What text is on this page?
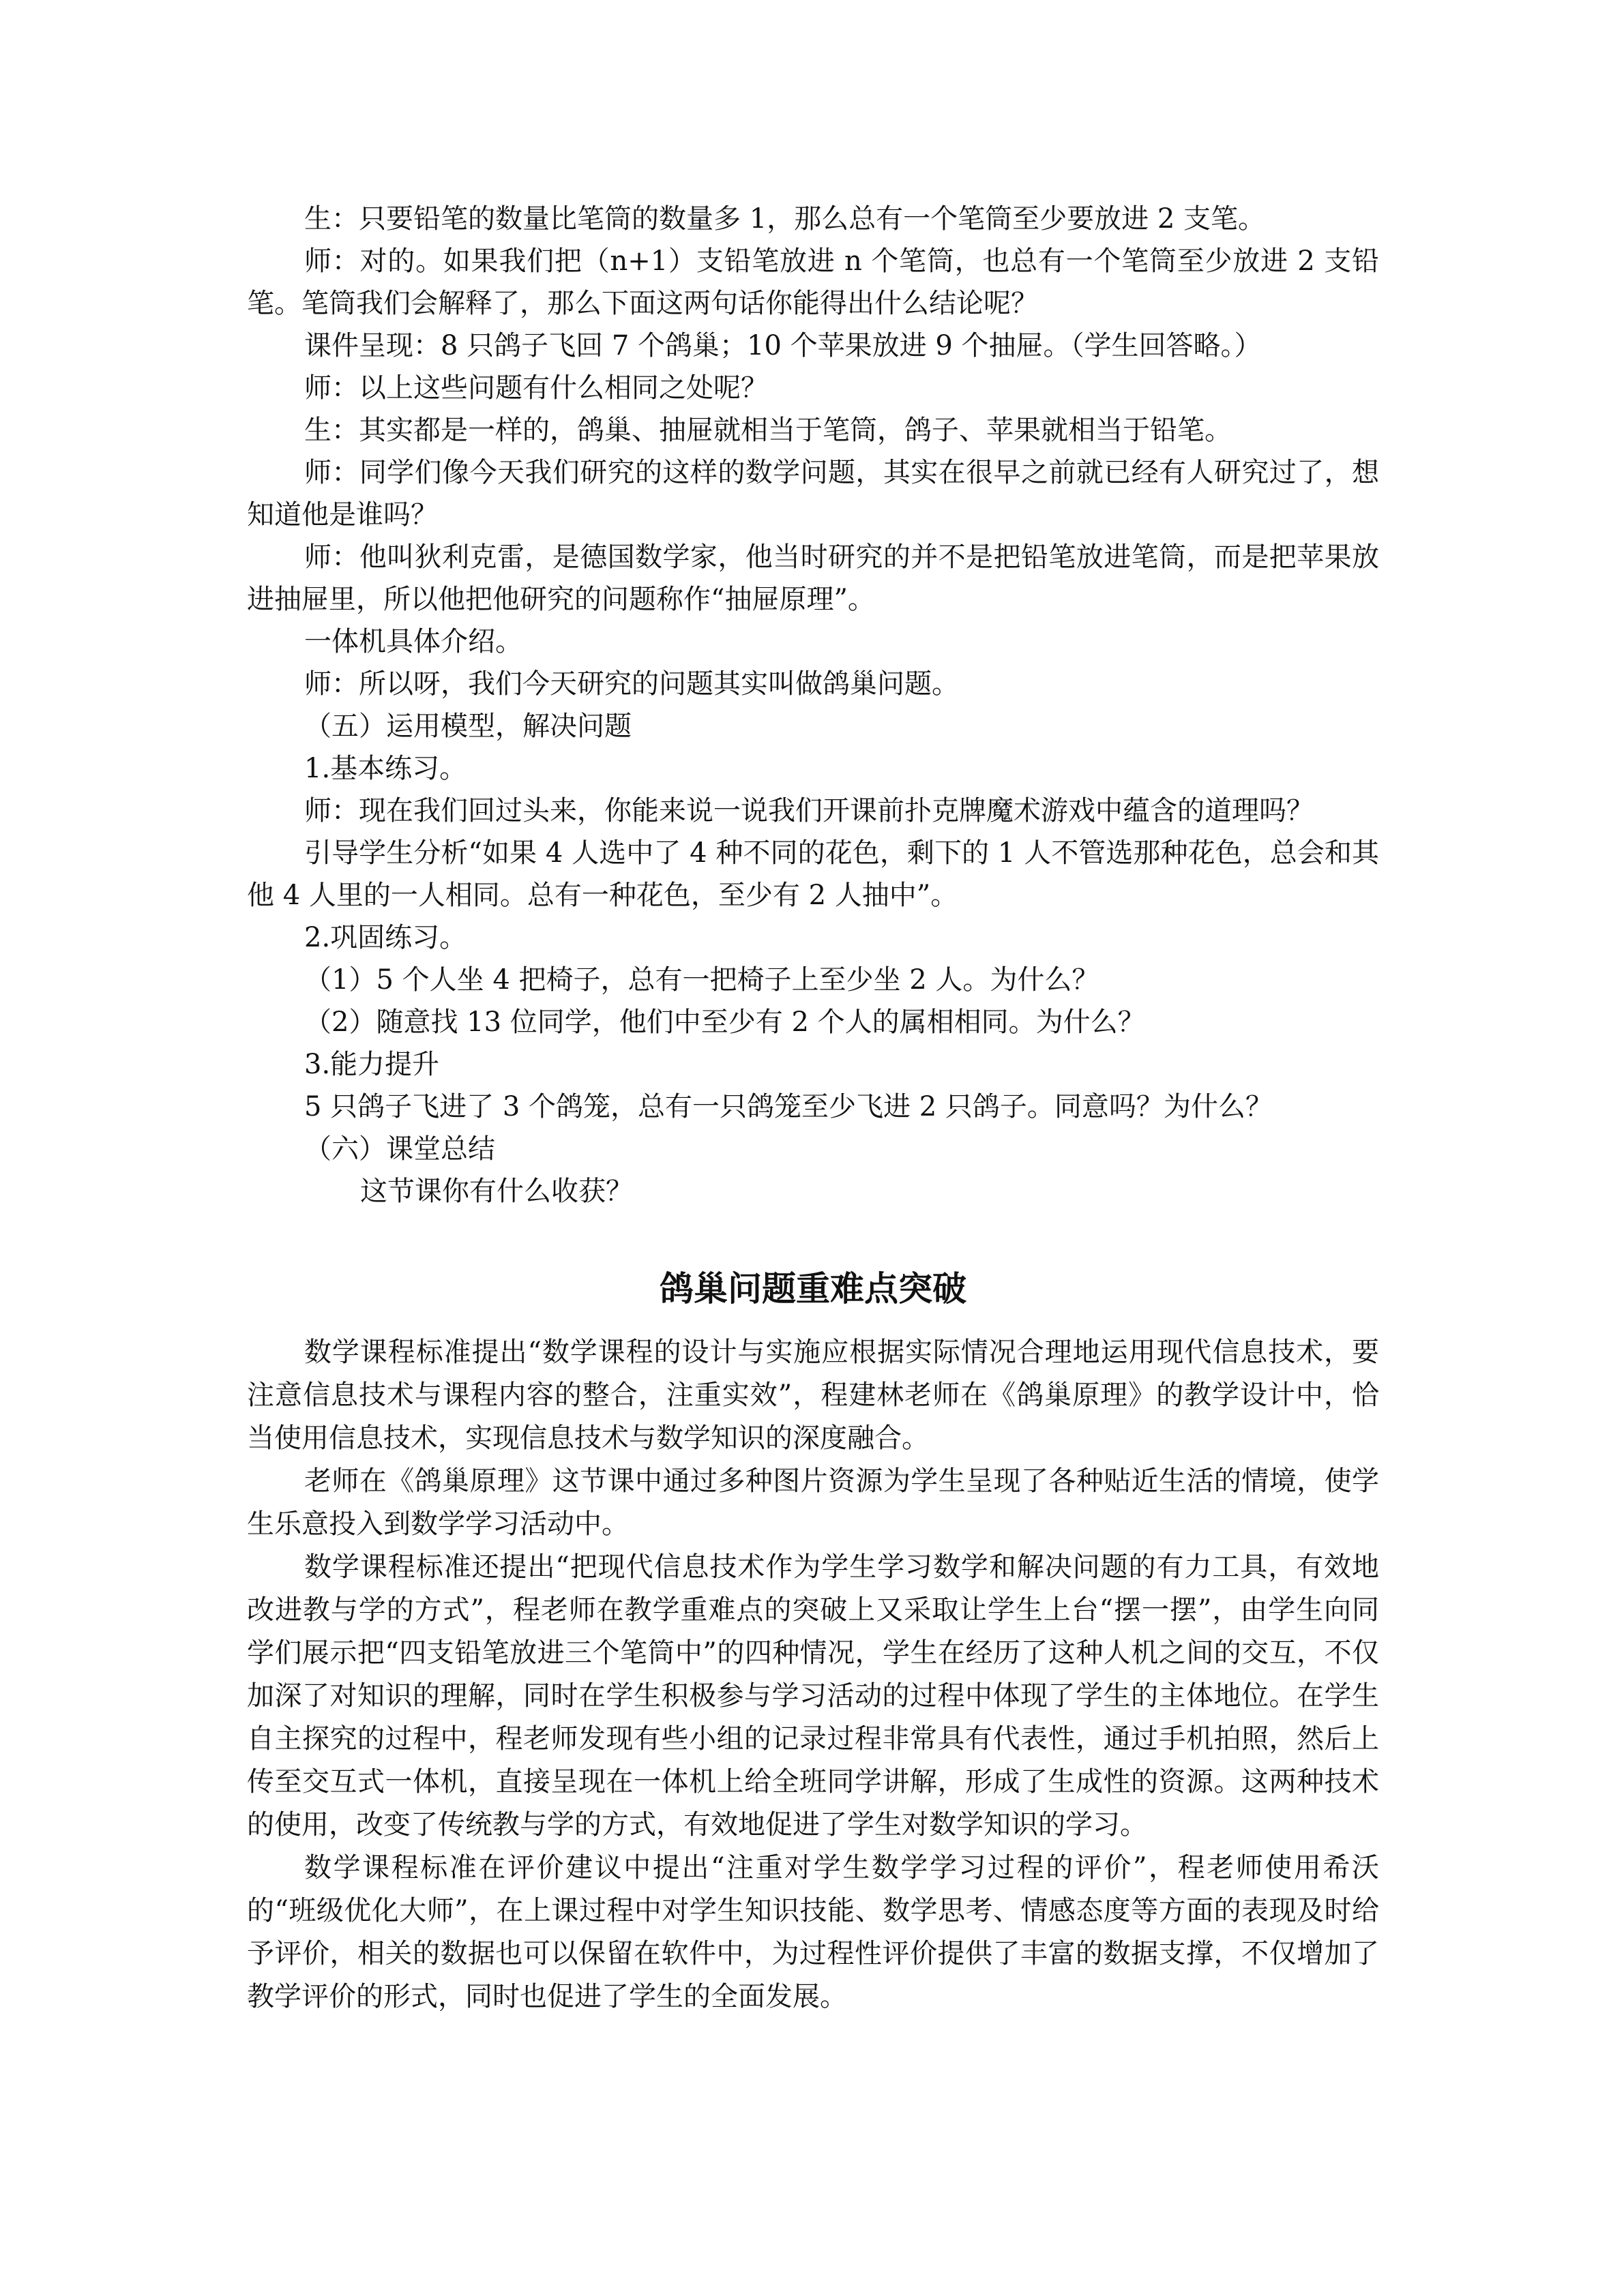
生：只要铅笔的数量比笔筒的数量多 1，那么总有一个笔筒至少要放进 2 支笔。

师：对的。如果我们把（n+1）支铅笔放进 n 个笔筒，也总有一个笔筒至少放进 2 支铅笔。笔筒我们会解释了，那么下面这两句话你能得出什么结论呢？

课件呈现：8 只鸽子飞回 7 个鸽巢；10 个苹果放进 9 个抽屉。（学生回答略。）

师：以上这些问题有什么相同之处呢？

生：其实都是一样的，鸽巢、抽屉就相当于笔筒，鸽子、苹果就相当于铅笔。

师：同学们像今天我们研究的这样的数学问题，其实在很早之前就已经有人研究过了，想知道他是谁吗？

师：他叫狄利克雷，是德国数学家，他当时研究的并不是把铅笔放进笔筒，而是把苹果放进抽屉里，所以他把他研究的问题称作“抽屉原理”。

一体机具体介绍。

师：所以呀，我们今天研究的问题其实叫做鸽巢问题。

（五）运用模型，解决问题

1.基本练习。

师：现在我们回过头来，你能来说一说我们开课前扑克牌魔术游戏中蕴含的道理吗？

引导学生分析“如果 4 人选中了 4 种不同的花色，剩下的 1 人不管选那种花色，总会和其他 4 人里的一人相同。总有一种花色，至少有 2 人抽中”。

2.巩固练习。

（1）5 个人坐 4 把椅子，总有一把椅子上至少坐 2 人。为什么？

（2）随意找 13 位同学，他们中至少有 2 个人的属相相同。为什么？

3.能力提升

5 只鸽子飞进了 3 个鸽笼，总有一只鸽笼至少飞进 2 只鸽子。同意吗？为什么？

（六）课堂总结

这节课你有什么收获？

鸽巢问题重难点突破

数学课程标准提出“数学课程的设计与实施应根据实际情况合理地运用现代信息技术，要注意信息技术与课程内容的整合，注重实效”，程建林老师在《鸽巢原理》的教学设计中，恰当使用信息技术，实现信息技术与数学知识的深度融合。

老师在《鸽巢原理》这节课中通过多种图片资源为学生呈现了各种贴近生活的情境，使学生乐意投入到数学学习活动中。

数学课程标准还提出“把现代信息技术作为学生学习数学和解决问题的有力工具，有效地改进教与学的方式”，程老师在教学重难点的突破上又采取让学生上台“摆一摆”，由学生向同学们展示把“四支铅笔放进三个笔筒中”的四种情况，学生在经历了这种人机之间的交互，不仅加深了对知识的理解，同时在学生积极参与学习活动的过程中体现了学生的主体地位。在学生自主探究的过程中，程老师发现有些小组的记录过程非常具有代表性，通过手机拍照，然后上传至交互式一体机，直接呈现在一体机上给全班同学讲解，形成了生成性的资源。这两种技术的使用，改变了传统教与学的方式，有效地促进了学生对数学知识的学习。

数学课程标准在评价建议中提出“注重对学生数学学习过程的评价”，程老师使用希沃的“班级优化大师”，在上课过程中对学生知识技能、数学思考、情感态度等方面的表现及时给予评价，相关的数据也可以保留在软件中，为过程性评价提供了丰富的数据支撑，不仅增加了教学评价的形式，同时也促进了学生的全面发展。
